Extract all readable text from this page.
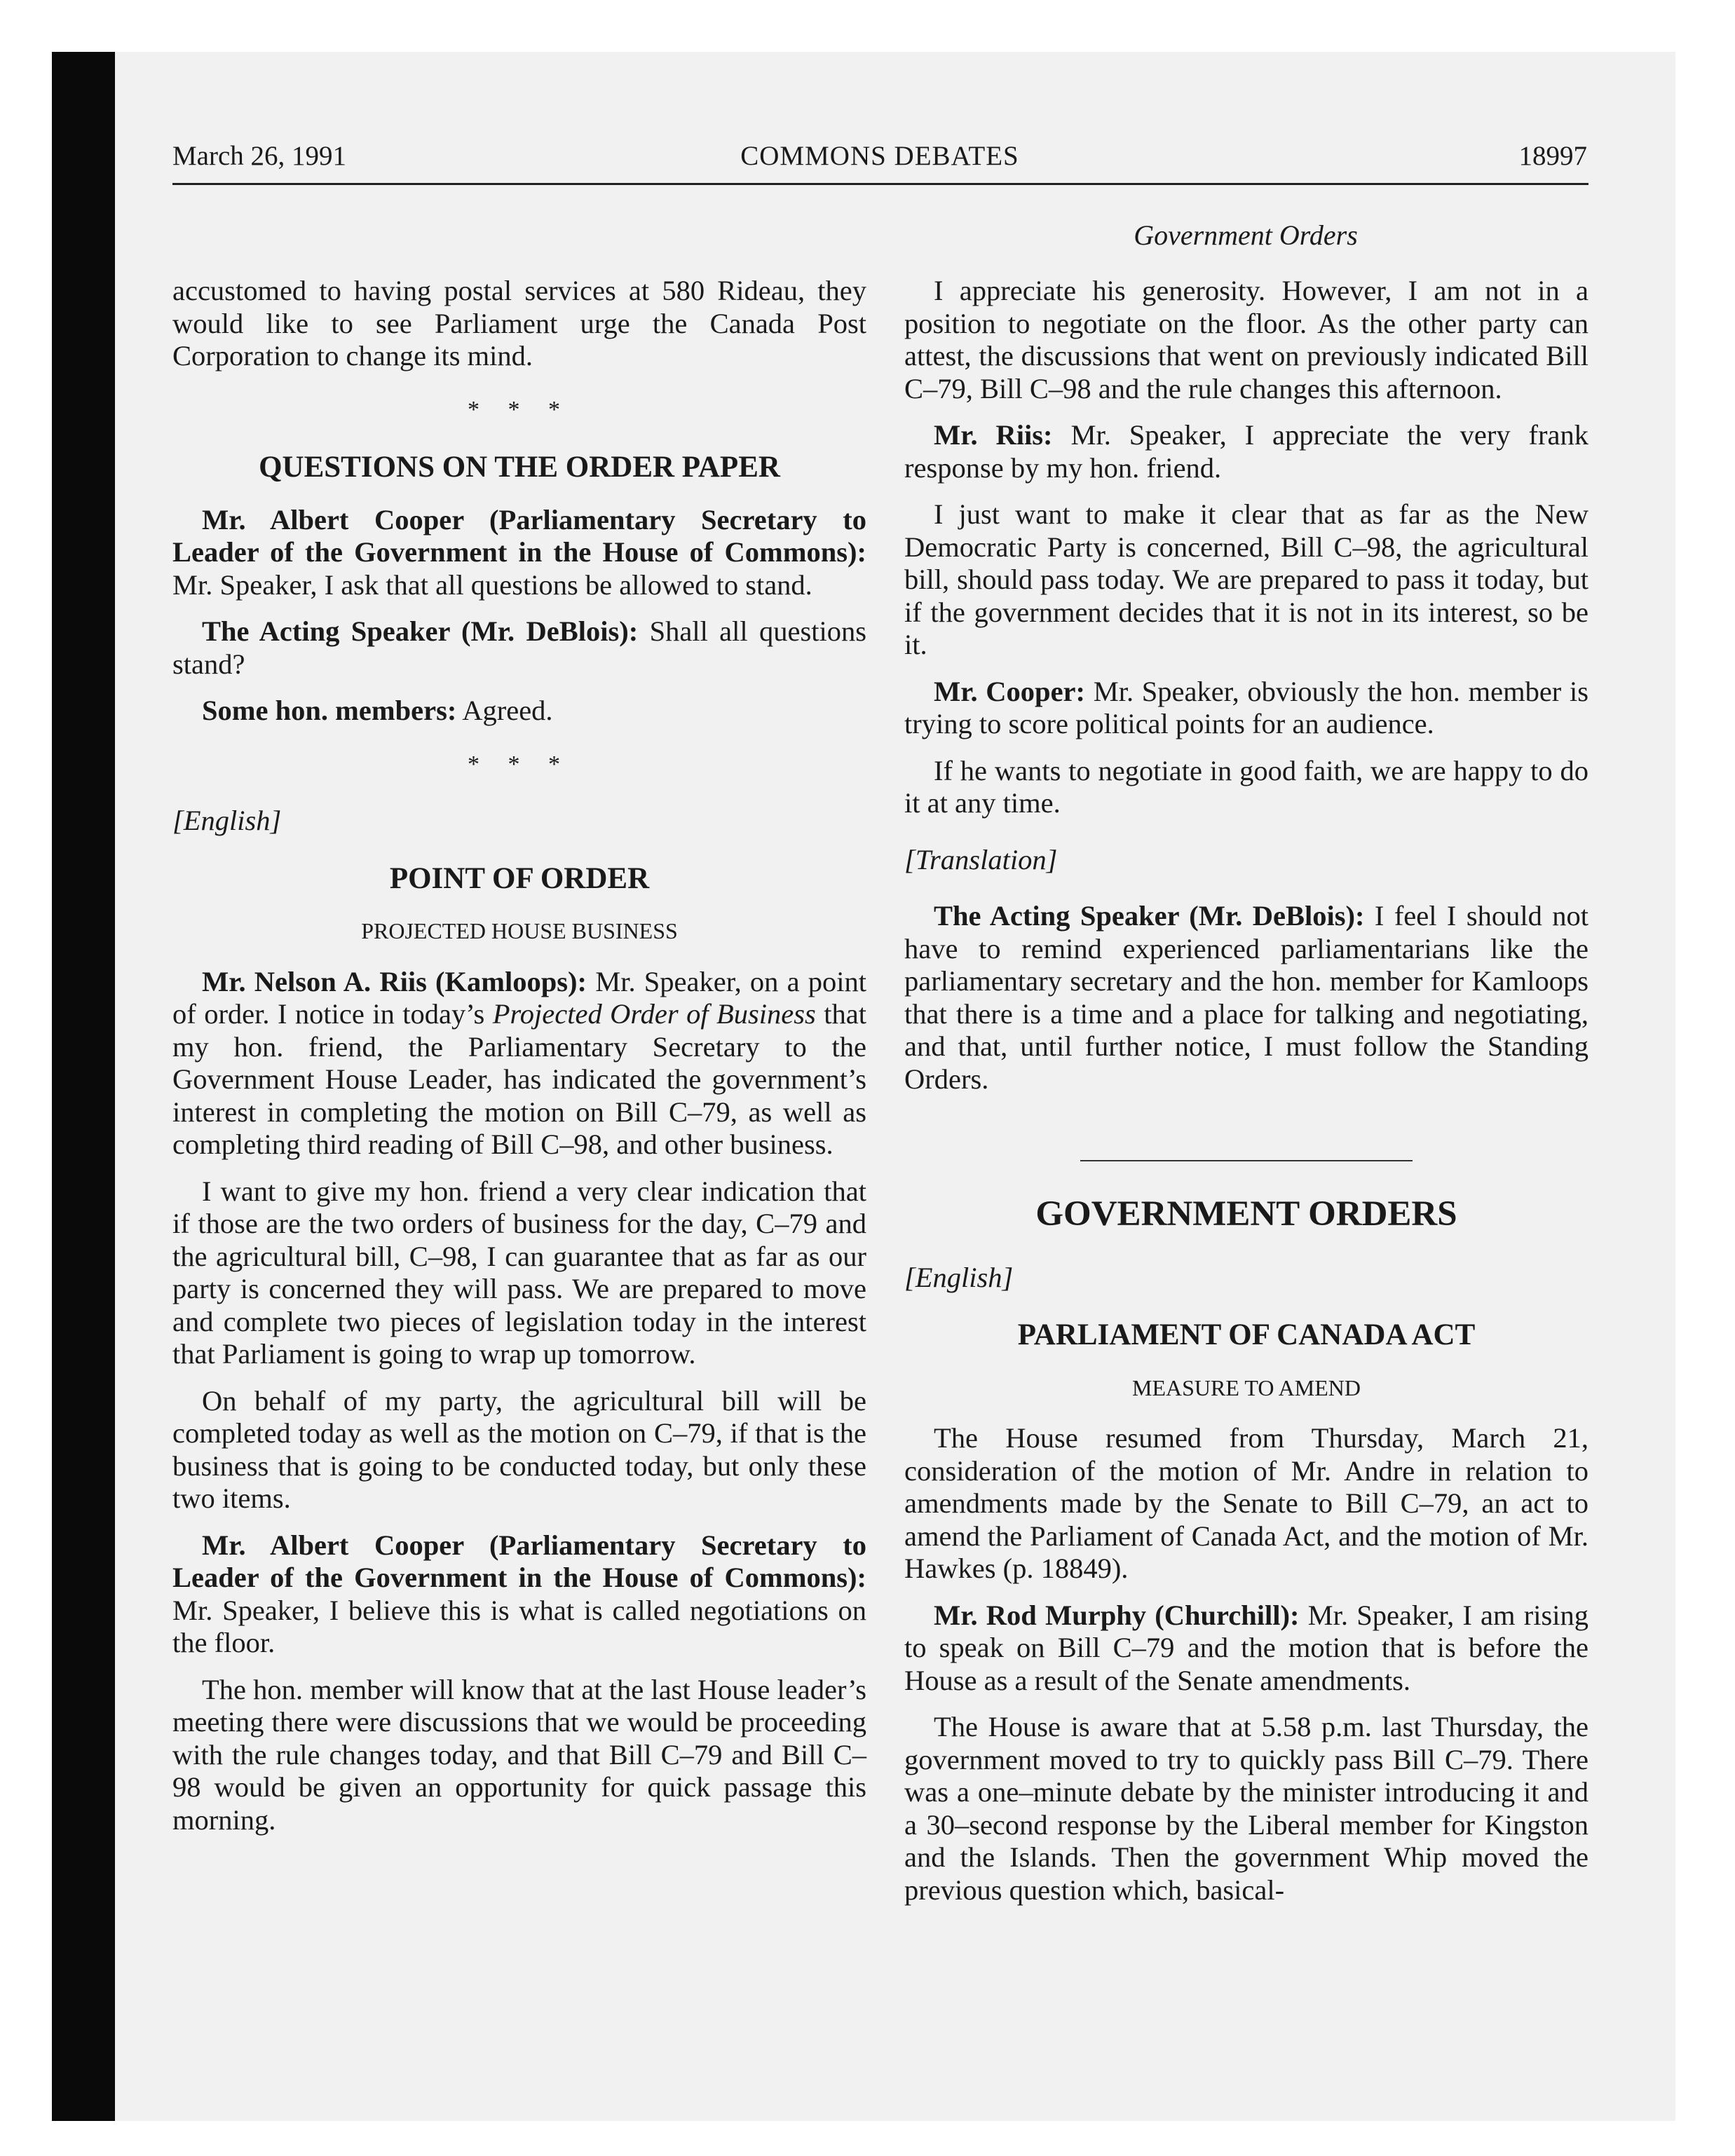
March 26, 1991	COMMONS DEBATES	18997
Government Orders

accustomed to having postal services at 580 Rideau, they would like to see Parliament urge the Canada Post Corporation to change its mind.

* * *
QUESTIONS ON THE ORDER PAPER

Mr. Albert Cooper (Parliamentary Secretary to Leader of the Government in the House of Commons): Mr. Speaker, I ask that all questions be allowed to stand.

The Acting Speaker (Mr. DeBlois): Shall all questions stand?

Some hon. members: Agreed.

* * *
[English]
POINT OF ORDER
PROJECTED HOUSE BUSINESS

Mr. Nelson A. Riis (Kamloops): Mr. Speaker, on a point of order. I notice in today’s Projected Order of Business that my hon. friend, the Parliamentary Secretary to the Government House Leader, has indicated the government’s interest in completing the motion on Bill C–79, as well as completing third reading of Bill C–98, and other business.

I want to give my hon. friend a very clear indication that if those are the two orders of business for the day, C–79 and the agricultural bill, C–98, I can guarantee that as far as our party is concerned they will pass. We are prepared to move and complete two pieces of legislation today in the interest that Parliament is going to wrap up tomorrow.

On behalf of my party, the agricultural bill will be completed today as well as the motion on C–79, if that is the business that is going to be conducted today, but only these two items.

Mr. Albert Cooper (Parliamentary Secretary to Leader of the Government in the House of Commons): Mr. Speaker, I believe this is what is called negotiations on the floor.

The hon. member will know that at the last House leader’s meeting there were discussions that we would be proceeding with the rule changes today, and that Bill C–79 and Bill C–98 would be given an opportunity for quick passage this morning.

I appreciate his generosity. However, I am not in a position to negotiate on the floor. As the other party can attest, the discussions that went on previously indicated Bill C–79, Bill C–98 and the rule changes this afternoon.

Mr. Riis: Mr. Speaker, I appreciate the very frank response by my hon. friend.

I just want to make it clear that as far as the New Democratic Party is concerned, Bill C–98, the agricultural bill, should pass today. We are prepared to pass it today, but if the government decides that it is not in its interest, so be it.

Mr. Cooper: Mr. Speaker, obviously the hon. member is trying to score political points for an audience.

If he wants to negotiate in good faith, we are happy to do it at any time.

[Translation]

The Acting Speaker (Mr. DeBlois): I feel I should not have to remind experienced parliamentarians like the parliamentary secretary and the hon. member for Kamloops that there is a time and a place for talking and negotiating, and that, until further notice, I must follow the Standing Orders.

GOVERNMENT ORDERS
[English]
PARLIAMENT OF CANADA ACT
MEASURE TO AMEND

The House resumed from Thursday, March 21, consideration of the motion of Mr. Andre in relation to amendments made by the Senate to Bill C–79, an act to amend the Parliament of Canada Act, and the motion of Mr. Hawkes (p. 18849).

Mr. Rod Murphy (Churchill): Mr. Speaker, I am rising to speak on Bill C–79 and the motion that is before the House as a result of the Senate amendments.

The House is aware that at 5.58 p.m. last Thursday, the government moved to try to quickly pass Bill C–79. There was a one–minute debate by the minister introducing it and a 30–second response by the Liberal member for Kingston and the Islands. Then the government Whip moved the previous question which, basical-
